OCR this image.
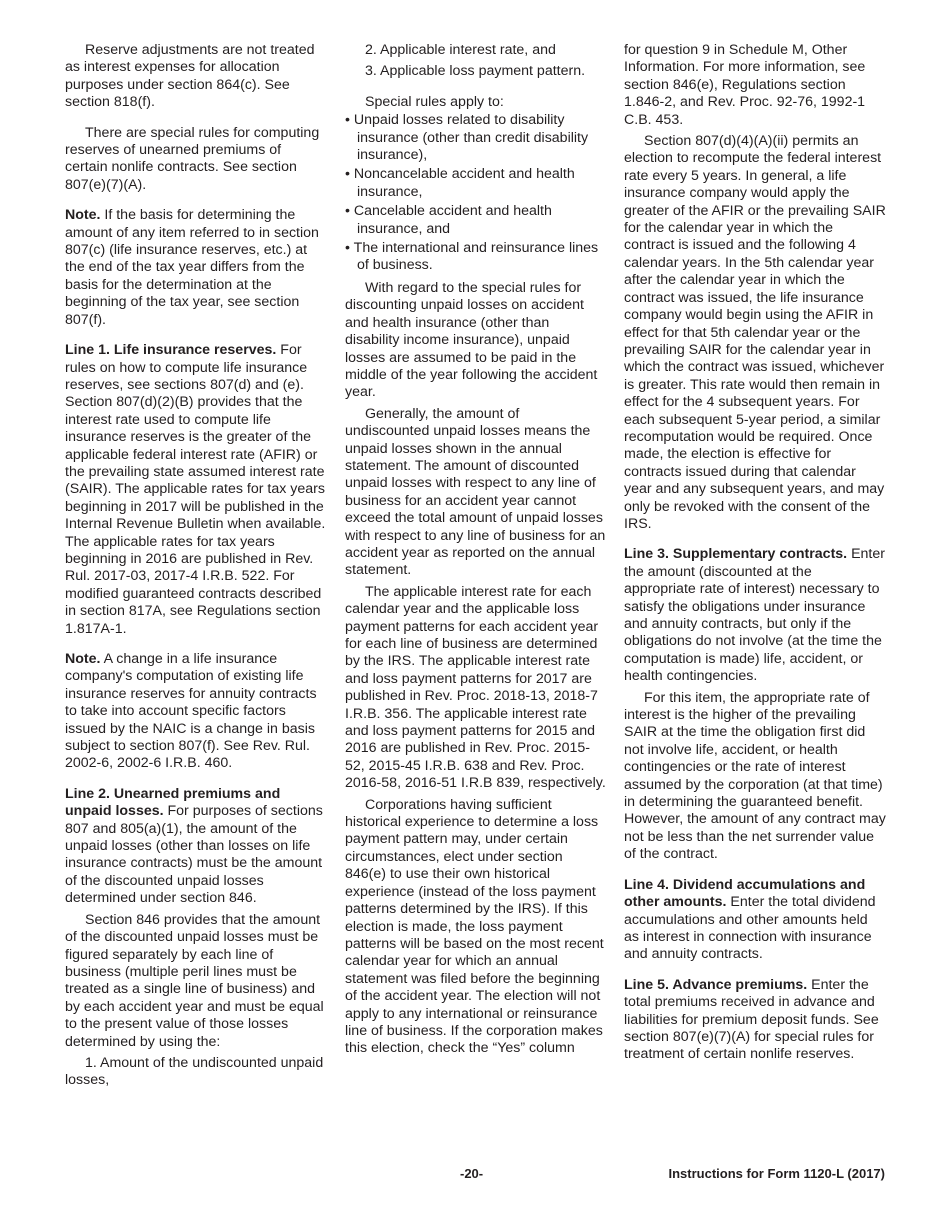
Reserve adjustments are not treated as interest expenses for allocation purposes under section 864(c). See section 818(f).

There are special rules for computing reserves of unearned premiums of certain nonlife contracts. See section 807(e)(7)(A).

Note. If the basis for determining the amount of any item referred to in section 807(c) (life insurance reserves, etc.) at the end of the tax year differs from the basis for the determination at the beginning of the tax year, see section 807(f).

Line 1. Life insurance reserves. For rules on how to compute life insurance reserves, see sections 807(d) and (e). Section 807(d)(2)(B) provides that the interest rate used to compute life insurance reserves is the greater of the applicable federal interest rate (AFIR) or the prevailing state assumed interest rate (SAIR). The applicable rates for tax years beginning in 2017 will be published in the Internal Revenue Bulletin when available. The applicable rates for tax years beginning in 2016 are published in Rev. Rul. 2017-03, 2017-4 I.R.B. 522. For modified guaranteed contracts described in section 817A, see Regulations section 1.817A-1.

Note. A change in a life insurance company's computation of existing life insurance reserves for annuity contracts to take into account specific factors issued by the NAIC is a change in basis subject to section 807(f). See Rev. Rul. 2002-6, 2002-6 I.R.B. 460.

Line 2. Unearned premiums and unpaid losses. For purposes of sections 807 and 805(a)(1), the amount of the unpaid losses (other than losses on life insurance contracts) must be the amount of the discounted unpaid losses determined under section 846.

Section 846 provides that the amount of the discounted unpaid losses must be figured separately by each line of business (multiple peril lines must be treated as a single line of business) and by each accident year and must be equal to the present value of those losses determined by using the:

1. Amount of the undiscounted unpaid losses,

2. Applicable interest rate, and

3. Applicable loss payment pattern.

Special rules apply to:

• Unpaid losses related to disability insurance (other than credit disability insurance),

• Noncancelable accident and health insurance,

• Cancelable accident and health insurance, and

• The international and reinsurance lines of business.

With regard to the special rules for discounting unpaid losses on accident and health insurance (other than disability income insurance), unpaid losses are assumed to be paid in the middle of the year following the accident year.

Generally, the amount of undiscounted unpaid losses means the unpaid losses shown in the annual statement. The amount of discounted unpaid losses with respect to any line of business for an accident year cannot exceed the total amount of unpaid losses with respect to any line of business for an accident year as reported on the annual statement.

The applicable interest rate for each calendar year and the applicable loss payment patterns for each accident year for each line of business are determined by the IRS. The applicable interest rate and loss payment patterns for 2017 are published in Rev. Proc. 2018-13, 2018-7 I.R.B. 356. The applicable interest rate and loss payment patterns for 2015 and 2016 are published in Rev. Proc. 2015-52, 2015-45 I.R.B. 638 and Rev. Proc. 2016-58, 2016-51 I.R.B 839, respectively.

Corporations having sufficient historical experience to determine a loss payment pattern may, under certain circumstances, elect under section 846(e) to use their own historical experience (instead of the loss payment patterns determined by the IRS). If this election is made, the loss payment patterns will be based on the most recent calendar year for which an annual statement was filed before the beginning of the accident year. The election will not apply to any international or reinsurance line of business. If the corporation makes this election, check the “Yes” column

for question 9 in Schedule M, Other Information. For more information, see section 846(e), Regulations section 1.846-2, and Rev. Proc. 92-76, 1992-1 C.B. 453.

Section 807(d)(4)(A)(ii) permits an election to recompute the federal interest rate every 5 years. In general, a life insurance company would apply the greater of the AFIR or the prevailing SAIR for the calendar year in which the contract is issued and the following 4 calendar years. In the 5th calendar year after the calendar year in which the contract was issued, the life insurance company would begin using the AFIR in effect for that 5th calendar year or the prevailing SAIR for the calendar year in which the contract was issued, whichever is greater. This rate would then remain in effect for the 4 subsequent years. For each subsequent 5-year period, a similar recomputation would be required. Once made, the election is effective for contracts issued during that calendar year and any subsequent years, and may only be revoked with the consent of the IRS.

Line 3. Supplementary contracts. Enter the amount (discounted at the appropriate rate of interest) necessary to satisfy the obligations under insurance and annuity contracts, but only if the obligations do not involve (at the time the computation is made) life, accident, or health contingencies.

For this item, the appropriate rate of interest is the higher of the prevailing SAIR at the time the obligation first did not involve life, accident, or health contingencies or the rate of interest assumed by the corporation (at that time) in determining the guaranteed benefit. However, the amount of any contract may not be less than the net surrender value of the contract.

Line 4. Dividend accumulations and other amounts. Enter the total dividend accumulations and other amounts held as interest in connection with insurance and annuity contracts.

Line 5. Advance premiums. Enter the total premiums received in advance and liabilities for premium deposit funds. See section 807(e)(7)(A) for special rules for treatment of certain nonlife reserves.

-20-	Instructions for Form 1120-L (2017)
